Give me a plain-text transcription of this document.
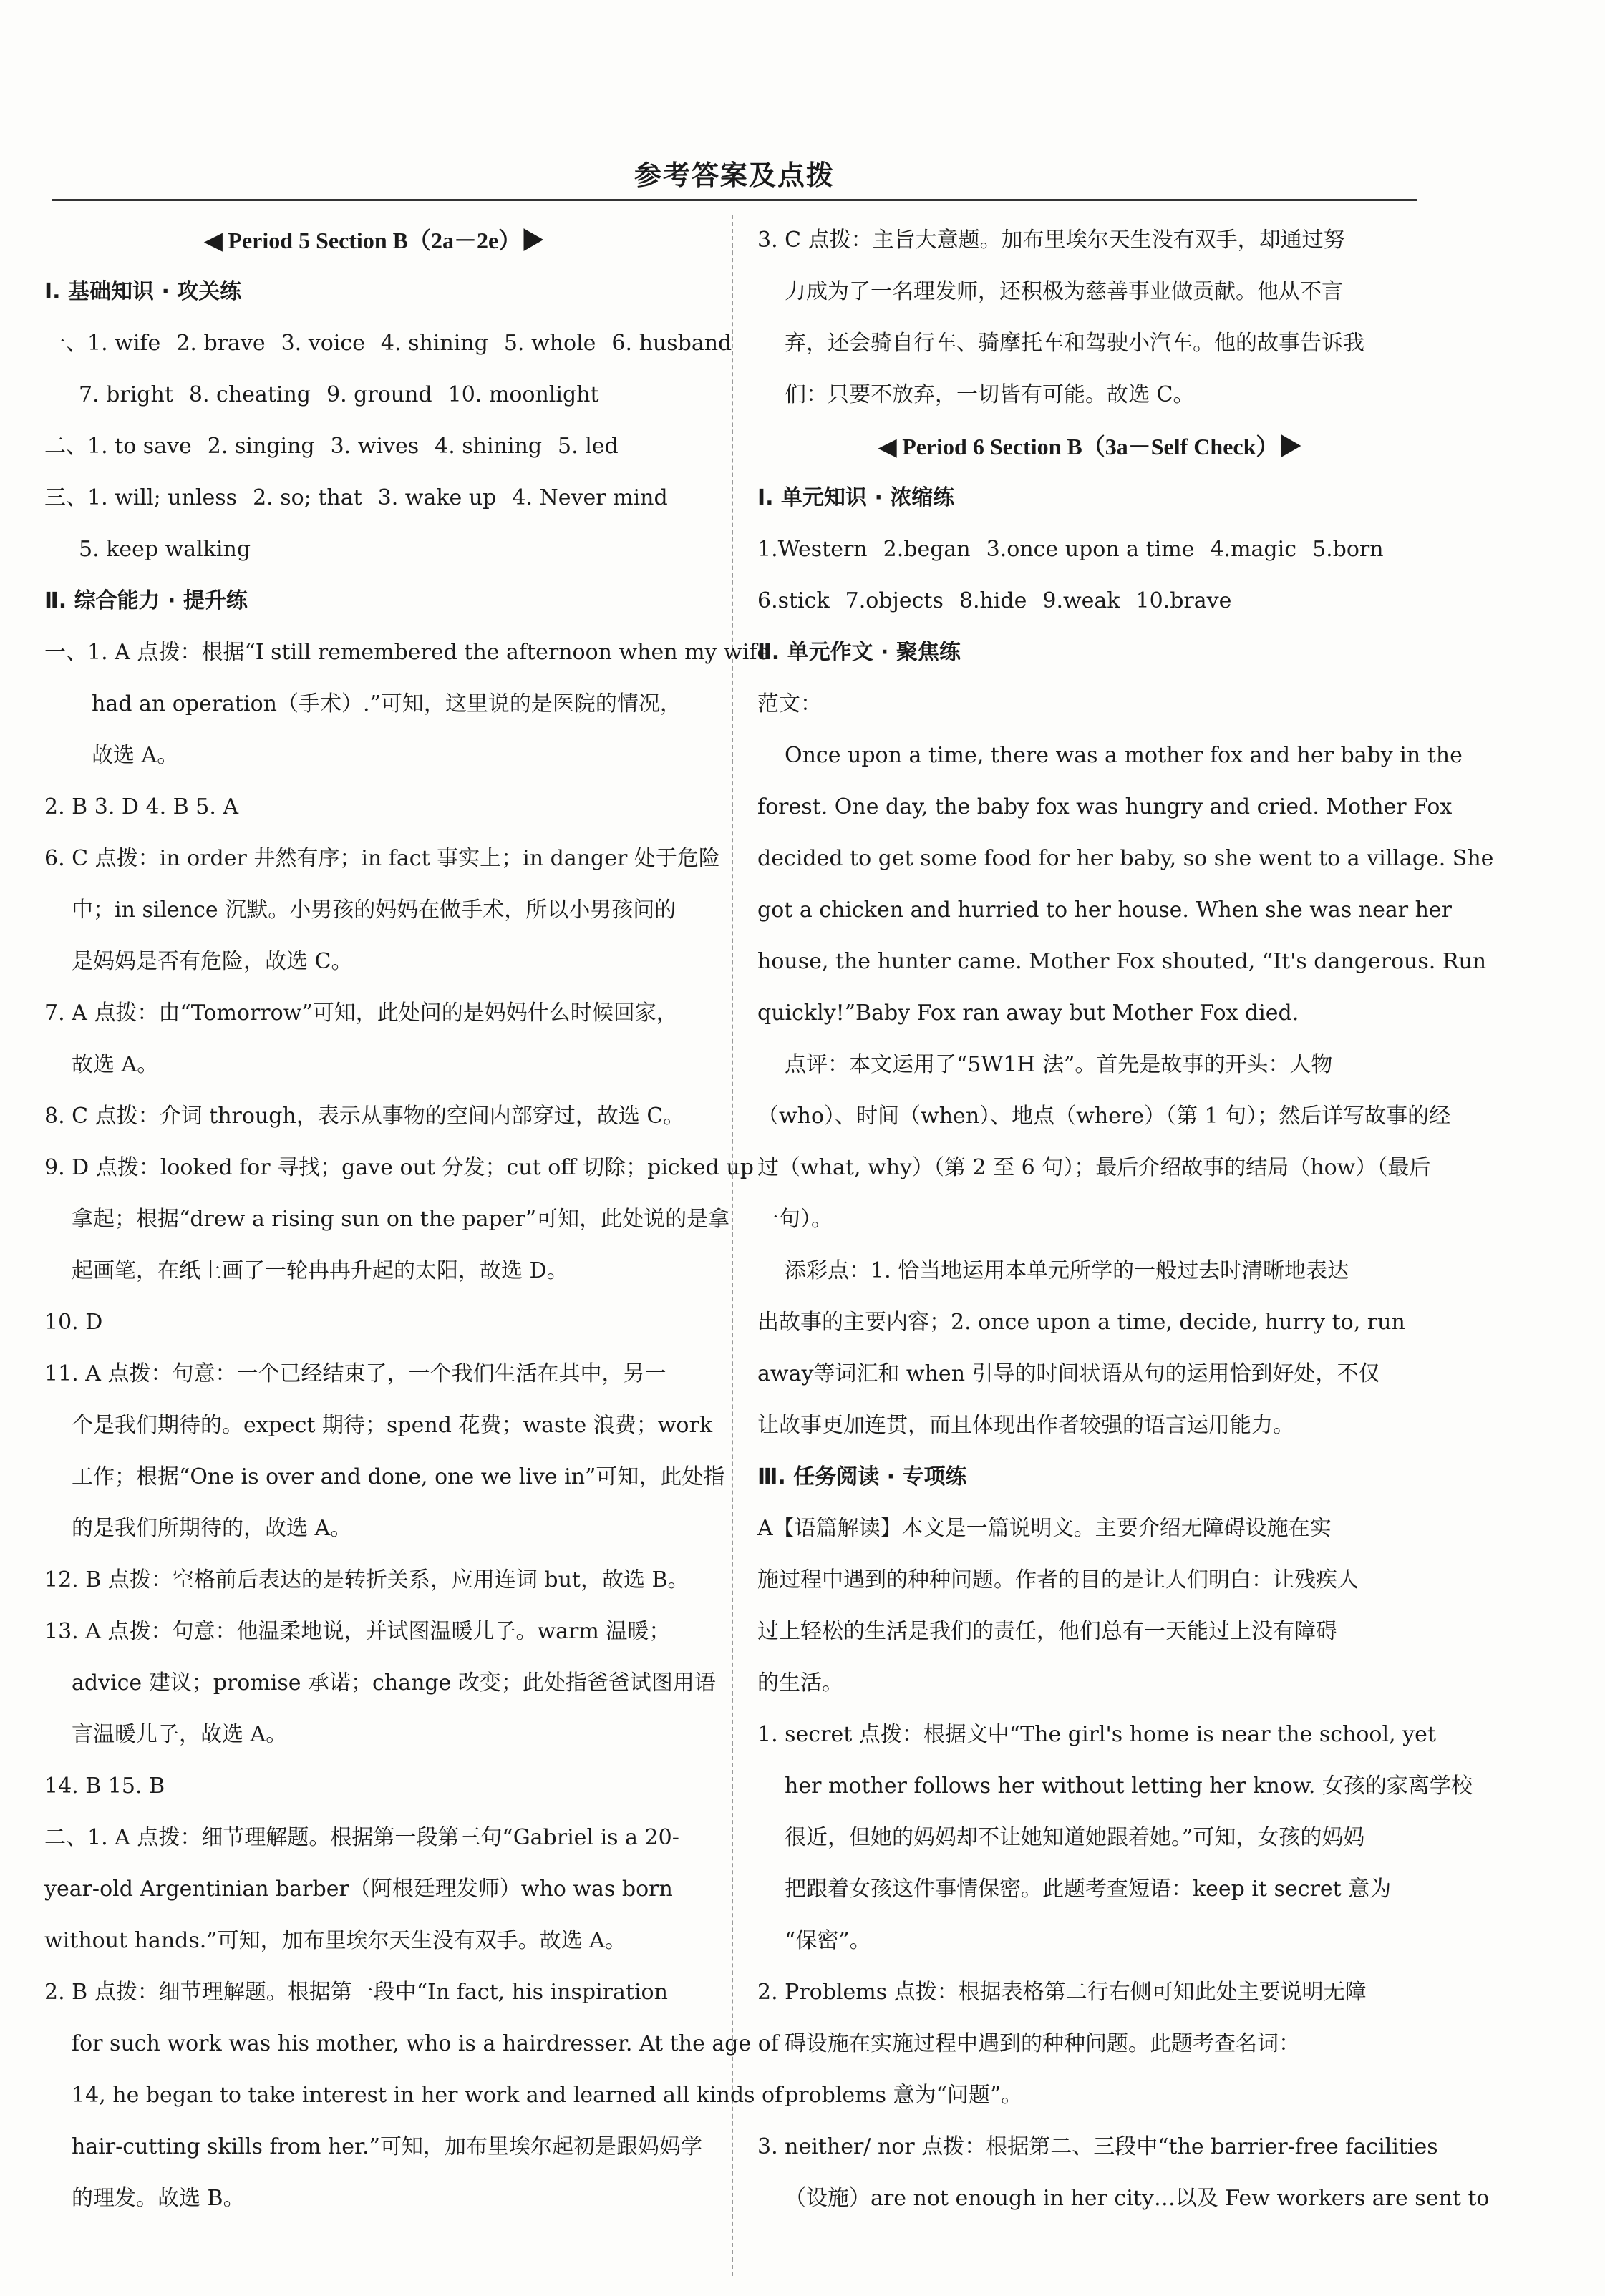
参考答案及点拨
◀ Period 5 Section B（2a－2e）▶
Ⅰ. 基础知识 · 攻关练
一、1. wife 2. brave 3. voice 4. shining 5. whole 6. husband
7. bright 8. cheating 9. ground 10. moonlight
二、1. to save 2. singing 3. wives 4. shining 5. led
三、1. will; unless 2. so; that 3. wake up 4. Never mind
5. keep walking
Ⅱ. 综合能力 · 提升练
一、1. A 点拨：根据“I still remembered the afternoon when my wife
had an operation（手术）.”可知，这里说的是医院的情况，
故选 A。
2. B 3. D 4. B 5. A
6. C 点拨：in order 井然有序；in fact 事实上；in danger 处于危险
中；in silence 沉默。小男孩的妈妈在做手术，所以小男孩问的
是妈妈是否有危险，故选 C。
7. A 点拨：由“Tomorrow”可知，此处问的是妈妈什么时候回家，
故选 A。
8. C 点拨：介词 through，表示从事物的空间内部穿过，故选 C。
9. D 点拨：looked for 寻找；gave out 分发；cut off 切除；picked up
拿起；根据“drew a rising sun on the paper”可知，此处说的是拿
起画笔，在纸上画了一轮冉冉升起的太阳，故选 D。
10. D
11. A 点拨：句意：一个已经结束了，一个我们生活在其中，另一
个是我们期待的。expect 期待；spend 花费；waste 浪费；work
工作；根据“One is over and done, one we live in”可知，此处指
的是我们所期待的，故选 A。
12. B 点拨：空格前后表达的是转折关系，应用连词 but，故选 B。
13. A 点拨：句意：他温柔地说，并试图温暖儿子。warm 温暖；
advice 建议；promise 承诺；change 改变；此处指爸爸试图用语
言温暖儿子，故选 A。
14. B 15. B
二、1. A 点拨：细节理解题。根据第一段第三句“Gabriel is a 20-
year-old Argentinian barber（阿根廷理发师）who was born
without hands.”可知，加布里埃尔天生没有双手。故选 A。
2. B 点拨：细节理解题。根据第一段中“In fact, his inspiration
for such work was his mother, who is a hairdresser. At the age of
14, he began to take interest in her work and learned all kinds of
hair-cutting skills from her.”可知，加布里埃尔起初是跟妈妈学
的理发。故选 B。
3. C 点拨：主旨大意题。加布里埃尔天生没有双手，却通过努
力成为了一名理发师，还积极为慈善事业做贡献。他从不言
弃，还会骑自行车、骑摩托车和驾驶小汽车。他的故事告诉我
们：只要不放弃，一切皆有可能。故选 C。
◀ Period 6 Section B（3a－Self Check）▶
Ⅰ. 单元知识 · 浓缩练
1.Western 2.began 3.once upon a time 4.magic 5.born
6.stick 7.objects 8.hide 9.weak 10.brave
Ⅱ. 单元作文 · 聚焦练
范文：
Once upon a time, there was a mother fox and her baby in the
forest. One day, the baby fox was hungry and cried. Mother Fox
decided to get some food for her baby, so she went to a village. She
got a chicken and hurried to her house. When she was near her
house, the hunter came. Mother Fox shouted, “It's dangerous. Run
quickly!”Baby Fox ran away but Mother Fox died.
点评：本文运用了“5W1H 法”。首先是故事的开头：人物
（who）、时间（when）、地点（where）（第 1 句）；然后详写故事的经
过（what, why）（第 2 至 6 句）；最后介绍故事的结局（how）（最后
一句）。
添彩点：1. 恰当地运用本单元所学的一般过去时清晰地表达
出故事的主要内容；2. once upon a time, decide, hurry to, run
away等词汇和 when 引导的时间状语从句的运用恰到好处，不仅
让故事更加连贯，而且体现出作者较强的语言运用能力。
Ⅲ. 任务阅读 · 专项练
A【语篇解读】本文是一篇说明文。主要介绍无障碍设施在实
施过程中遇到的种种问题。作者的目的是让人们明白：让残疾人
过上轻松的生活是我们的责任，他们总有一天能过上没有障碍
的生活。
1. secret 点拨：根据文中“The girl's home is near the school, yet
her mother follows her without letting her know. 女孩的家离学校
很近，但她的妈妈却不让她知道她跟着她。”可知，女孩的妈妈
把跟着女孩这件事情保密。此题考查短语：keep it secret 意为
“保密”。
2. Problems 点拨：根据表格第二行右侧可知此处主要说明无障
碍设施在实施过程中遇到的种种问题。此题考查名词：
problems 意为“问题”。
3. neither/ nor 点拨：根据第二、三段中“the barrier-free facilities
（设施）are not enough in her city…以及 Few workers are sent to
